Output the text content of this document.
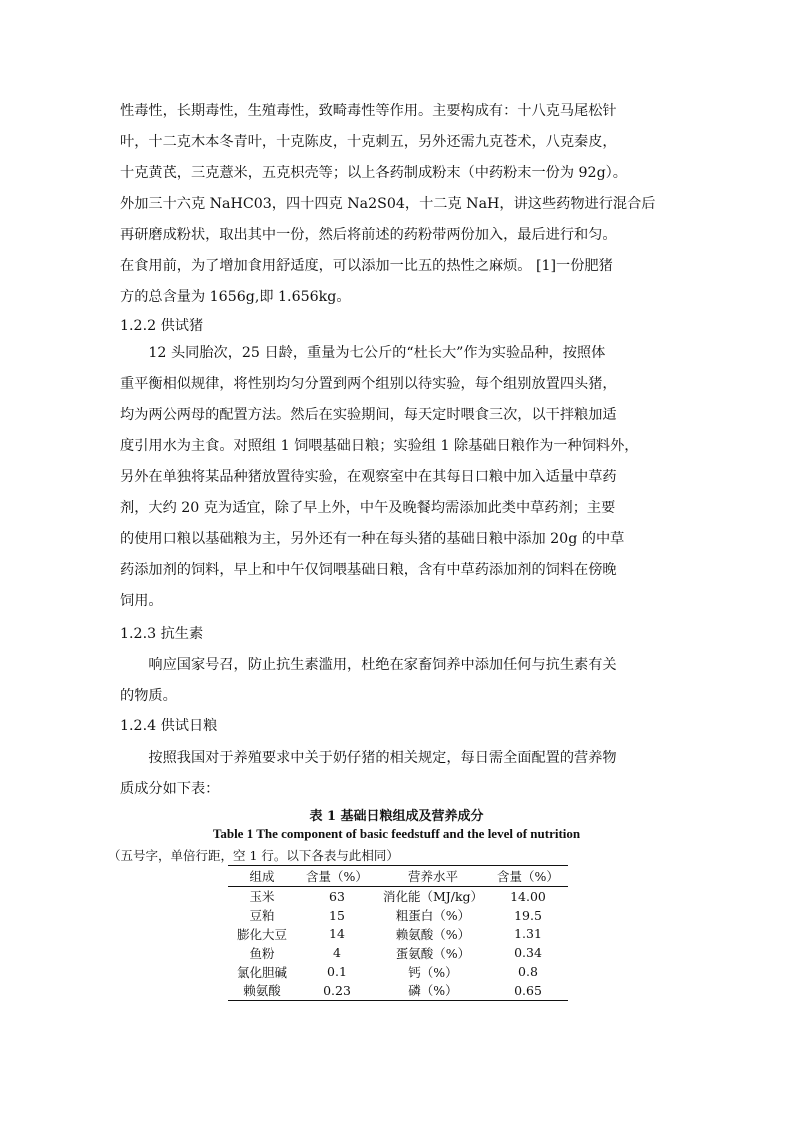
性毒性，长期毒性，生殖毒性，致畸毒性等作用。主要构成有：十八克马尾松针
叶，十二克木本冬青叶，十克陈皮，十克刺五，另外还需九克苍术，八克秦皮，
十克黄芪，三克薏米，五克枳壳等；以上各药制成粉末（中药粉末一份为 92g）。
外加三十六克 NaHC03，四十四克 Na2S04，十二克 NaH，讲这些药物进行混合后
再研磨成粉状，取出其中一份，然后将前述的药粉带两份加入，最后进行和匀。
在食用前，为了增加食用舒适度，可以添加一比五的热性之麻烦。 [1]一份肥猪
方的总含量为 1656g,即 1.656kg。

1.2.2 供试猪

　　12 头同胎次，25 日龄，重量为七公斤的“杜长大”作为实验品种，按照体
重平衡相似规律，将性别均匀分置到两个组别以待实验，每个组别放置四头猪，
均为两公两母的配置方法。然后在实验期间，每天定时喂食三次，以干拌粮加适
度引用水为主食。对照组 1 饲喂基础日粮；实验组 1 除基础日粮作为一种饲料外，
另外在单独将某品种猪放置待实验，在观察室中在其每日口粮中加入适量中草药
剂，大约 20 克为适宜，除了早上外，中午及晚餐均需添加此类中草药剂；主要
的使用口粮以基础粮为主，另外还有一种在每头猪的基础日粮中添加 20g 的中草
药添加剂的饲料，早上和中午仅饲喂基础日粮，含有中草药添加剂的饲料在傍晚
饲用。

1.2.3 抗生素

　　响应国家号召，防止抗生素滥用，杜绝在家畜饲养中添加任何与抗生素有关
的物质。

1.2.4 供试日粮

　　按照我国对于养殖要求中关于奶仔猪的相关规定，每日需全面配置的营养物
质成分如下表：

表 1 基础日粮组成及营养成分

Table 1 The component of basic feedstuff and the level of nutrition

（五号字，单倍行距，空 1 行。以下各表与此相同）

组成	含量（%）	营养水平	含量（%）
玉米	63	消化能（MJ/kg）	14.00
豆粕	15	粗蛋白（%）	19.5
膨化大豆	14	赖氨酸（%）	1.31
鱼粉	4	蛋氨酸（%）	0.34
氯化胆碱	0.1	钙（%）	0.8
赖氨酸	0.23	磷（%）	0.65
